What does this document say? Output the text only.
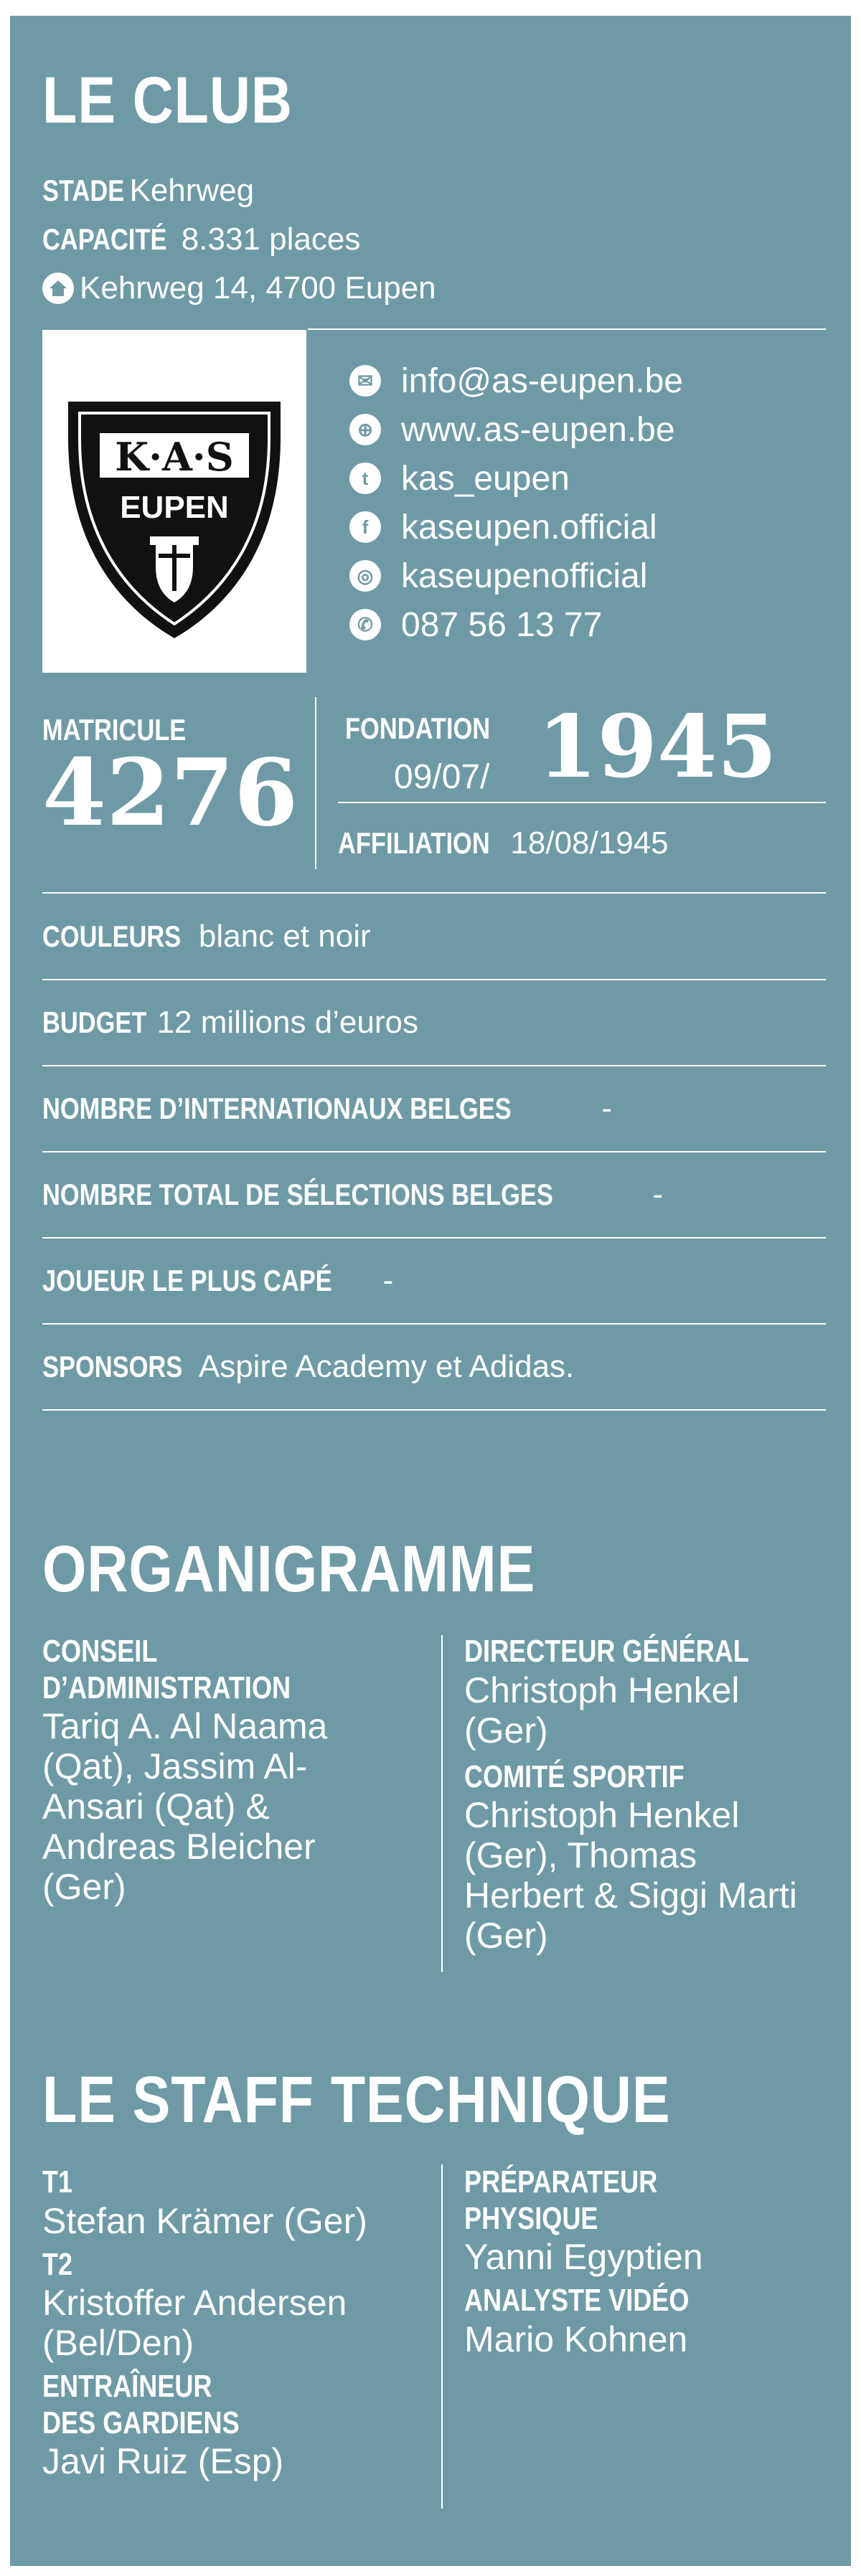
LE CLUB
STADE Kehrweg
CAPACITÉ 8.331 places
Kehrweg 14, 4700 Eupen
K·A·S
EUPEN
✉ info@as-eupen.be
⊕ www.as-eupen.be
t kas_eupen
f kaseupen.official
◎ kaseupenofficial
✆ 087 56 13 77
MATRICULE
4276
FONDATION
09/07/ 1945
AFFILIATION 18/08/1945
COULEURS blanc et noir
BUDGET 12 millions d’euros
NOMBRE D’INTERNATIONAUX BELGES	-
NOMBRE TOTAL DE SÉLECTIONS BELGES	-
JOUEUR LE PLUS CAPÉ -
SPONSORS Aspire Academy et Adidas.
ORGANIGRAMME
CONSEIL
D’ADMINISTRATION
Tariq A. Al Naama
(Qat), Jassim Al-
Ansari (Qat) &
Andreas Bleicher
(Ger)
DIRECTEUR GÉNÉRAL
Christoph Henkel
(Ger)
COMITÉ SPORTIF
Christoph Henkel
(Ger), Thomas
Herbert & Siggi Marti
(Ger)
LE STAFF TECHNIQUE
T1
Stefan Krämer (Ger)
T2
Kristoffer Andersen
(Bel/Den)
ENTRAÎNEUR
DES GARDIENS
Javi Ruiz (Esp)
PRÉPARATEUR
PHYSIQUE
Yanni Egyptien
ANALYSTE VIDÉO
Mario Kohnen
